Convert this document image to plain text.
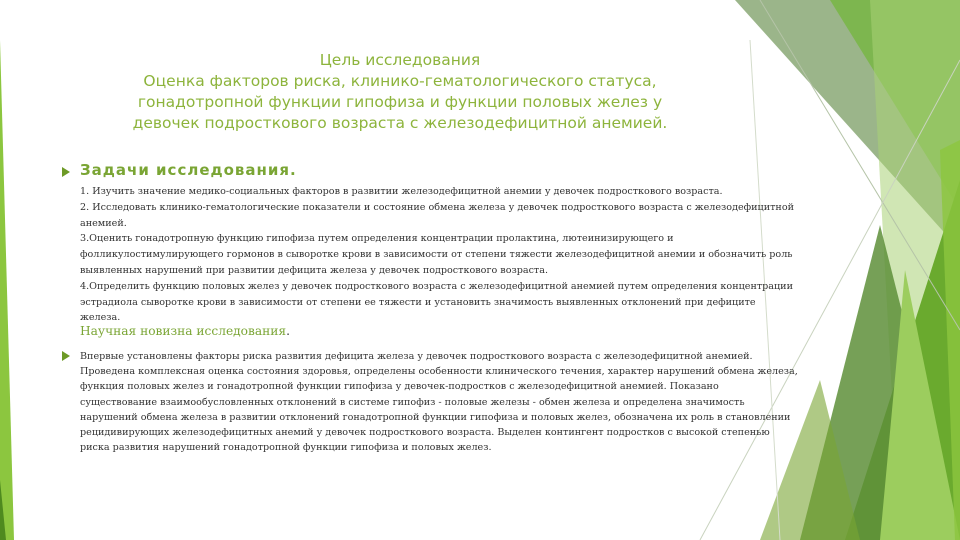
Цель исследования
Оценка факторов риска, клинико-гематологического статуса,
гонадотропной функции гипофиза и функции половых желез у
девочек подросткового возраста с железодефицитной анемией.
Задачи исследования.
1. Изучить значение медико-социальных факторов в развитии железодефицитной анемии у девочек подросткового возраста.
2. Исследовать клинико-гематологические показатели и состояние обмена железа у девочек подросткового возраста с железодефицитной
анемией.
3.Оценить гонадотропную функцию гипофиза путем определения концентрации пролактина, лютеинизирующего и
фолликулостимулирующего гормонов в сыворотке крови в зависимости от степени тяжести железодефицитной анемии и обозначить роль
выявленных нарушений при развитии дефицита железа у девочек подросткового возраста.
4.Определить функцию половых желез у девочек подросткового возраста с железодефицитной анемией путем определения концентрации
эстрадиола сыворотке крови в зависимости от степени ее тяжести и установить значимость выявленных отклонений при дефиците
железа.
Научная новизна исследования.
Впервые установлены факторы риска развития дефицита железа у девочек подросткового возраста с железодефицитной анемией.
Проведена комплексная оценка состояния здоровья, определены особенности клинического течения, характер нарушений обмена железа,
функция половых желез и гонадотропной функции гипофиза у девочек-подростков с железодефицитной анемией. Показано
существование взаимообусловленных отклонений в системе гипофиз - половые железы - обмен железа и определена значимость
нарушений обмена железа в развитии отклонений гонадотропной функции гипофиза и половых желез, обозначена их роль в становлении
рецидивирующих железодефицитных анемий у девочек подросткового возраста. Выделен контингент подростков с высокой степенью
риска развития нарушений гонадотропной функции гипофиза и половых желез.
